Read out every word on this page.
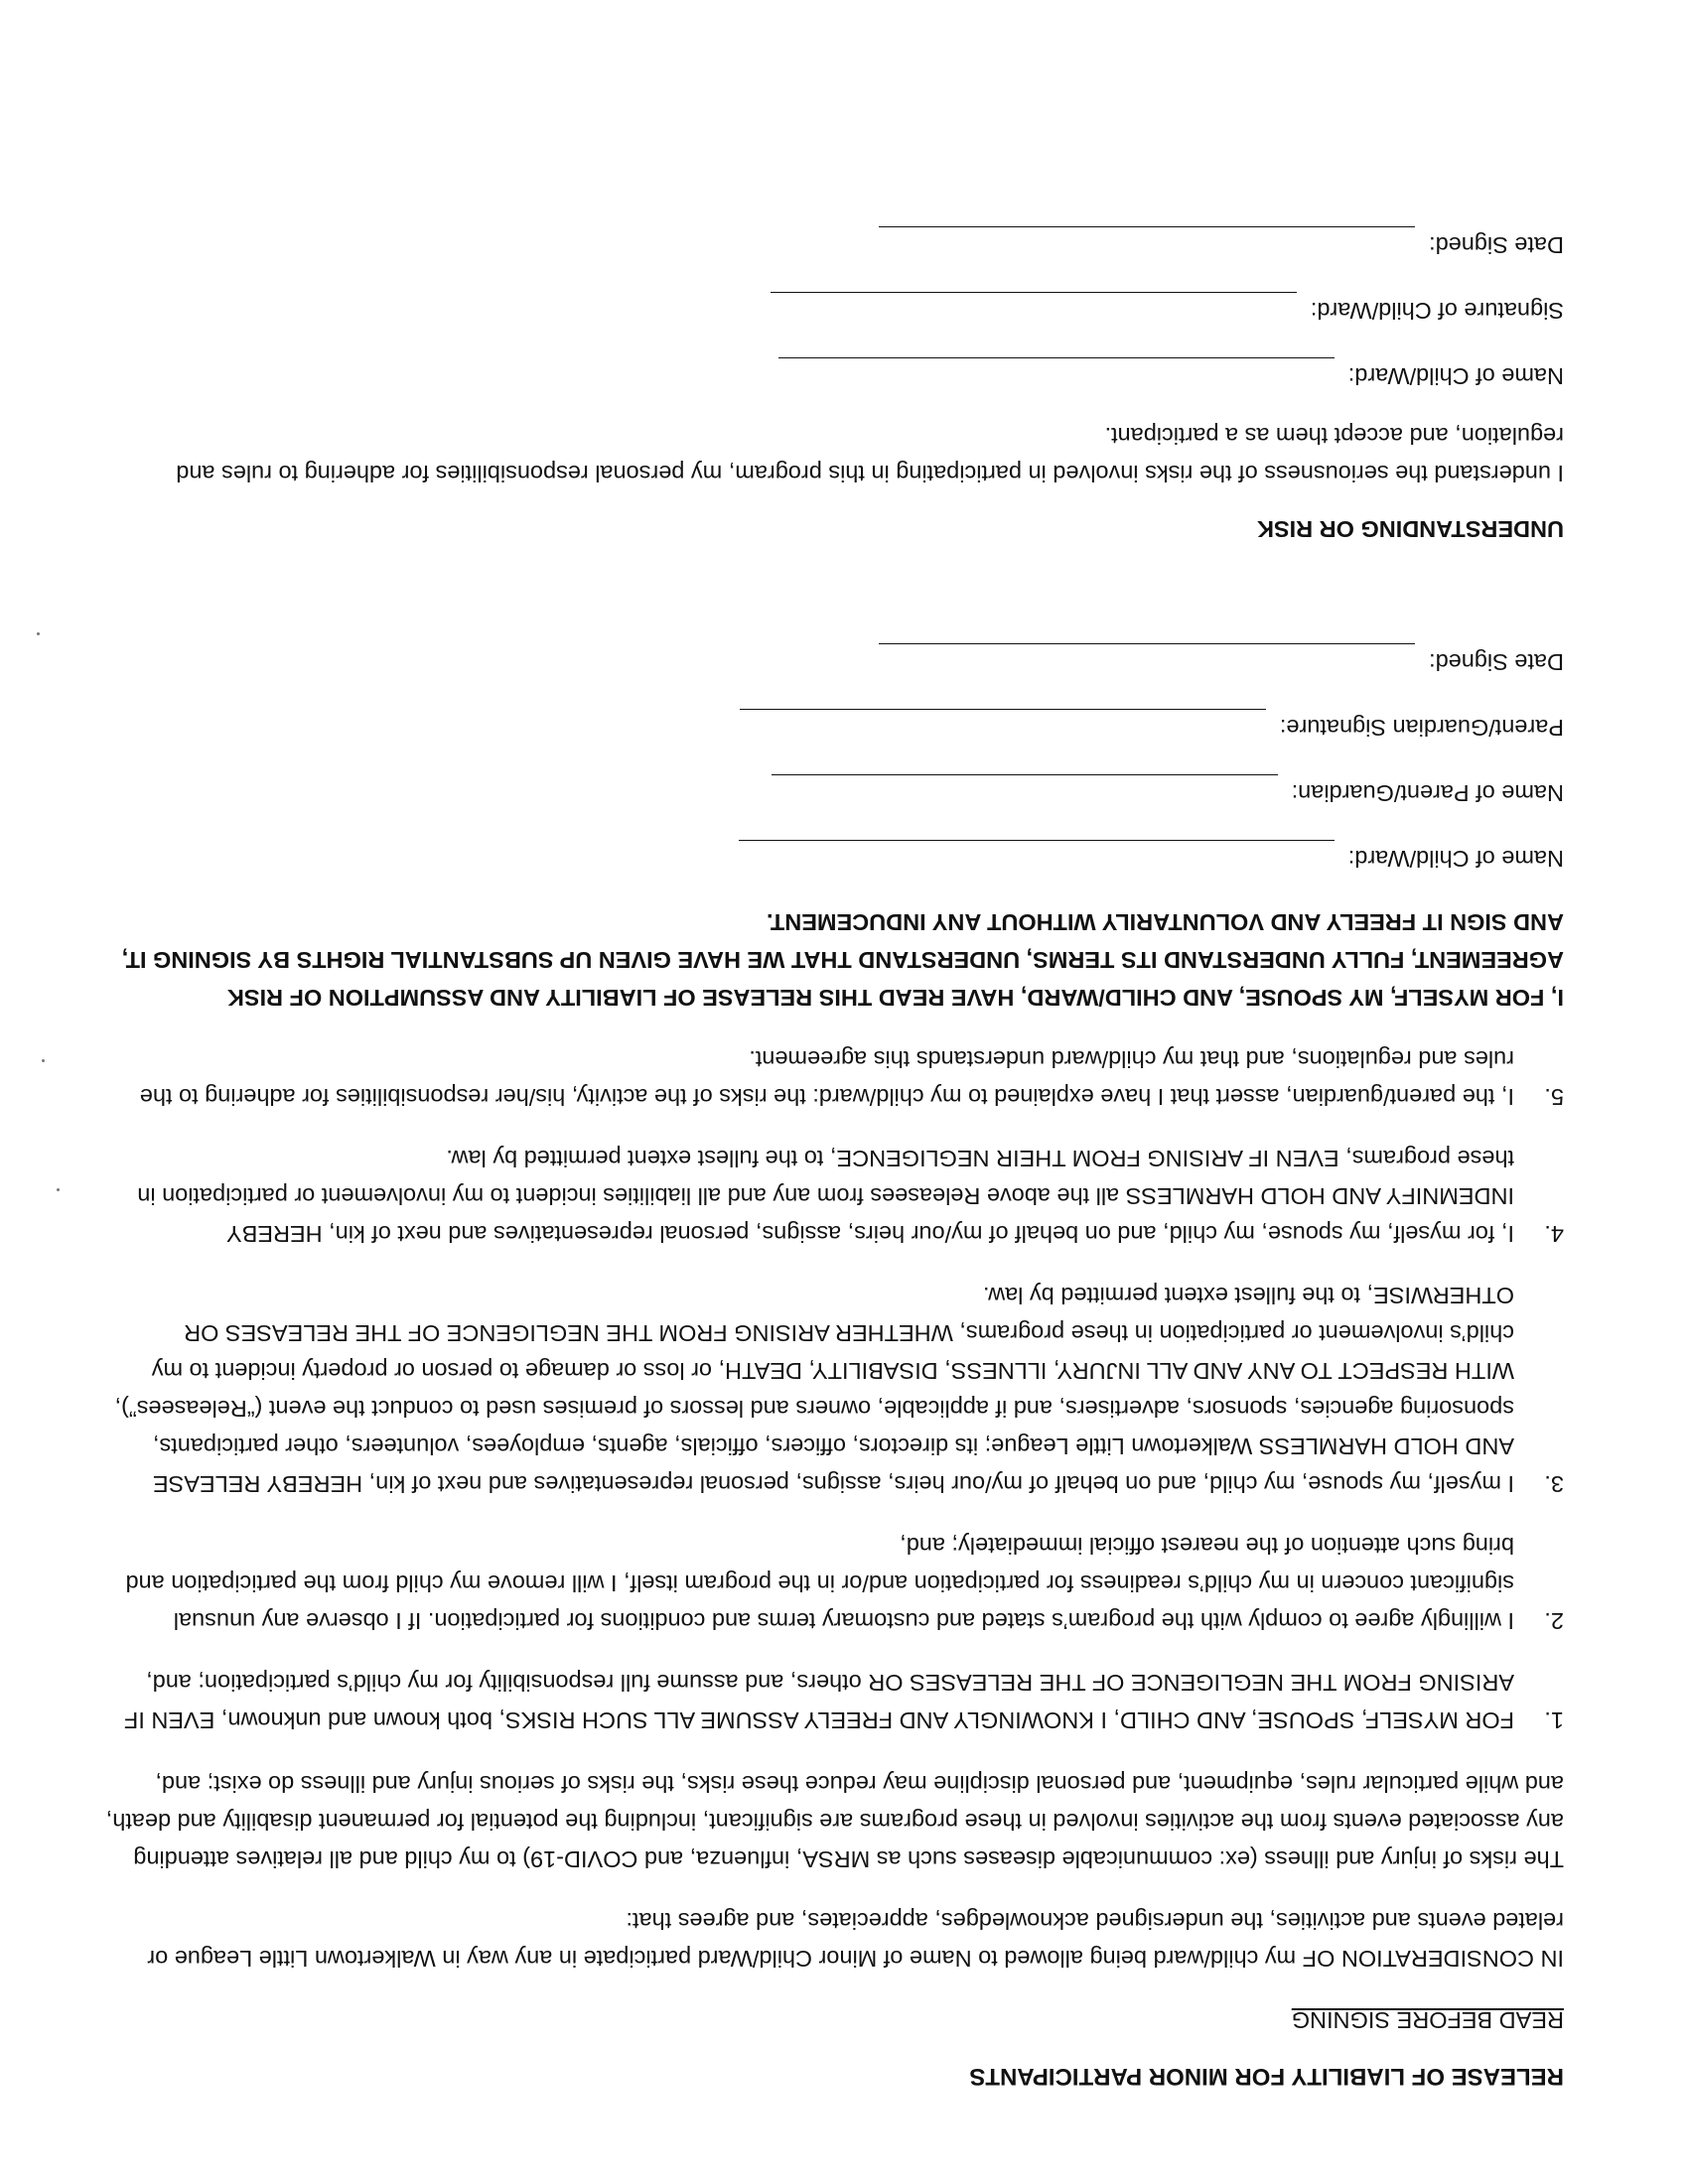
RELEASE OF LIABILITY FOR MINOR PARTICIPANTS
READ BEFORE SIGNING

IN CONSIDERATION OF my child/ward being allowed to Name of Minor Child/Ward participate in any way in Walkertown Little League or related events and activities, the undersigned acknowledges, appreciates, and agrees that:

The risks of injury and illness (ex: communicable diseases such as MRSA, influenza, and COVID-19) to my child and all relatives attending any associated events from the activities involved in these programs are significant, including the potential for permanent disability and death, and while particular rules, equipment, and personal discipline may reduce these risks, the risks of serious injury and illness do exist; and,

1.
FOR MYSELF, SPOUSE, AND CHILD, I KNOWINGLY AND FREELY ASSUME ALL SUCH RISKS, both known and unknown, EVEN IF ARISING FROM THE NEGLIGENCE OF THE RELEASES OR others, and assume full responsibility for my child’s participation; and,
2.
I willingly agree to comply with the program’s stated and customary terms and conditions for participation. If I observe any unusual significant concern in my child’s readiness for participation and/or in the program itself, I will remove my child from the participation and bring such attention of the nearest official immediately; and,
3.
I myself, my spouse, my child, and on behalf of my/our heirs, assigns, personal representatives and next of kin, HEREBY RELEASE AND HOLD HARMLESS Walkertown Little League; its directors, officers, officials, agents, employees, volunteers, other participants, sponsoring agencies, sponsors, advertisers, and if applicable, owners and lessors of premises used to conduct the event (“Releasees”), WITH RESPECT TO ANY AND ALL INJURY, ILLNESS, DISABILITY, DEATH, or loss or damage to person or property incident to my child’s involvement or participation in these programs, WHETHER ARISING FROM THE NEGLIGENCE OF THE RELEASES OR OTHERWISE, to the fullest extent permitted by law.
4.
I, for myself, my spouse, my child, and on behalf of my/our heirs, assigns, personal representatives and next of kin, HEREBY INDEMNIFY AND HOLD HARMLESS all the above Releasees from any and all liabilities incident to my involvement or participation in these programs, EVEN IF ARISING FROM THEIR NEGLIGENCE, to the fullest extent permitted by law.
5.
I, the parent/guardian, assert that I have explained to my child/ward: the risks of the activity, his/her responsibilities for adhering to the rules and regulations, and that my child/ward understands this agreement.

I, FOR MYSELF, MY SPOUSE, AND CHILD/WARD, HAVE READ THIS RELEASE OF LIABILITY AND ASSUMPTION OF RISK AGREEMENT, FULLY UNDERSTAND ITS TERMS, UNDERSTAND THAT WE HAVE GIVEN UP SUBSTANTIAL RIGHTS BY SIGNING IT, AND SIGN IT FREELY AND VOLUNTARILY WITHOUT ANY INDUCEMENT.

Name of Child/Ward:
Name of Parent/Guardian:
Parent/Guardian Signature:
Date Signed:
UNDERSTANDING OR RISK

I understand the seriousness of the risks involved in participating in this program, my personal responsibilities for adhering to rules and regulation, and accept them as a participant.

Name of Child/Ward:
Signature of Child/Ward:
Date Signed:
